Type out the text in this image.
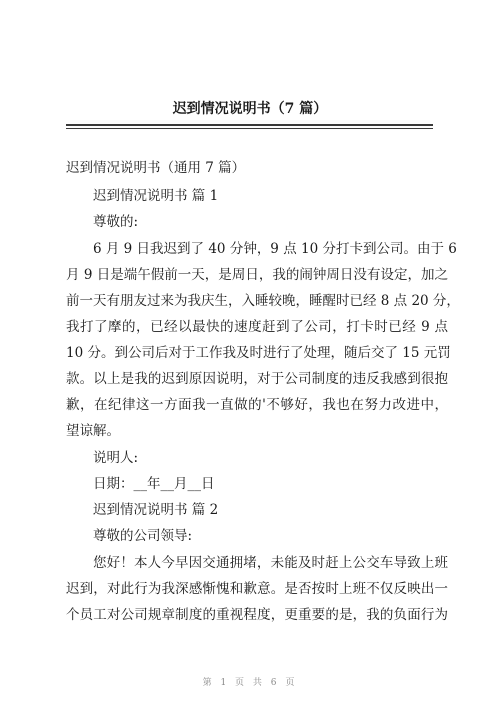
迟到情况说明书（7 篇）
迟到情况说明书（通用 7 篇）
迟到情况说明书 篇 1
尊敬的:
6 月 9 日我迟到了 40 分钟，9 点 10 分打卡到公司。由于 6
月 9 日是端午假前一天，是周日，我的闹钟周日没有设定，加之
前一天有朋友过来为我庆生，入睡较晚，睡醒时已经 8 点 20 分，
我打了摩的，已经以最快的速度赶到了公司，打卡时已经 9 点
10 分。到公司后对于工作我及时进行了处理，随后交了 15 元罚
款。以上是我的迟到原因说明，对于公司制度的违反我感到很抱
歉，在纪律这一方面我一直做的'不够好，我也在努力改进中，
望谅解。
说明人:
日期：__年__月__日
迟到情况说明书 篇 2
尊敬的公司领导:
您好！本人今早因交通拥堵，未能及时赶上公交车导致上班
迟到，对此行为我深感惭愧和歉意。是否按时上班不仅反映出一
个员工对公司规章制度的重视程度，更重要的是，我的负面行为
第 1 页 共 6 页
